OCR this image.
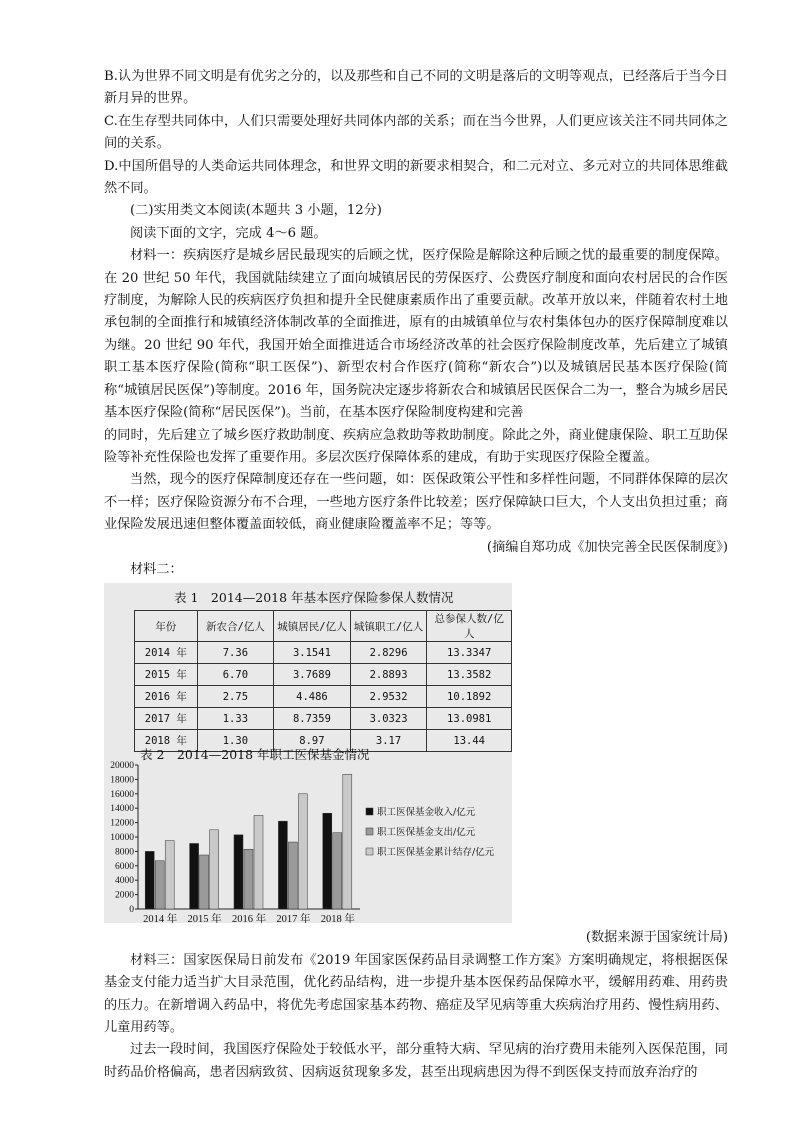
B.认为世界不同文明是有优劣之分的，以及那些和自己不同的文明是落后的文明等观点，已经落后于当今日新月异的世界。

C.在生存型共同体中，人们只需要处理好共同体内部的关系；而在当今世界，人们更应该关注不同共同体之间的关系。

D.中国所倡导的人类命运共同体理念，和世界文明的新要求相契合，和二元对立、多元对立的共同体思维截然不同。

(二)实用类文本阅读(本题共 3 小题，12分)

阅读下面的文字，完成 4～6 题。

材料一：疾病医疗是城乡居民最现实的后顾之忧，医疗保险是解除这种后顾之忧的最重要的制度保障。在 20 世纪 50 年代，我国就陆续建立了面向城镇居民的劳保医疗、公费医疗制度和面向农村居民的合作医疗制度，为解除人民的疾病医疗负担和提升全民健康素质作出了重要贡献。改革开放以来，伴随着农村土地承包制的全面推行和城镇经济体制改革的全面推进，原有的由城镇单位与农村集体包办的医疗保障制度难以为继。20 世纪 90 年代，我国开始全面推进适合市场经济改革的社会医疗保险制度改革，先后建立了城镇职工基本医疗保险(简称“职工医保”)、新型农村合作医疗(简称“新农合”)以及城镇居民基本医疗保险(简称“城镇居民医保”)等制度。2016 年，国务院决定逐步将新农合和城镇居民医保合二为一，整合为城乡居民基本医疗保险(简称“居民医保”)。当前，在基本医疗保险制度构建和完善

的同时，先后建立了城乡医疗救助制度、疾病应急救助等救助制度。除此之外，商业健康保险、职工互助保险等补充性保险也发挥了重要作用。多层次医疗保障体系的建成，有助于实现医疗保险全覆盖。

当然，现今的医疗保障制度还存在一些问题，如：医保政策公平性和多样性问题，不同群体保障的层次不一样；医疗保险资源分布不合理，一些地方医疗条件比较差；医疗保障缺口巨大，个人支出负担过重；商业保险发展迅速但整体覆盖面较低，商业健康险覆盖率不足；等等。

(摘编自郑功成《加快完善全民医保制度》)

材料二：

表 1　2014—2018 年基本医疗保险参保人数情况
年份	新农合/亿人	城镇居民/亿人	城镇职工/亿人	总参保人数/亿人
2014 年	7.36	3.1541	2.8296	13.3347
2015 年	6.70	3.7689	2.8893	13.3582
2016 年	2.75	4.486	2.9532	10.1892
2017 年	1.33	8.7359	3.0323	13.0981
2018 年	1.30	8.97	3.17	13.44
表 2　2014—2018 年职工医保基金情况
0
2000
4000
6000
8000
10000
12000
14000
16000
18000
20000
2014 年 2015 年 2016 年 2017 年 2018 年
职工医保基金收入/亿元
职工医保基金支出/亿元
职工医保基金累计结存/亿元

(数据来源于国家统计局)

材料三：国家医保局日前发布《2019 年国家医保药品目录调整工作方案》方案明确规定，将根据医保基金支付能力适当扩大目录范围，优化药品结构，进一步提升基本医保药品保障水平，缓解用药难、用药贵的压力。在新增调入药品中，将优先考虑国家基本药物、癌症及罕见病等重大疾病治疗用药、慢性病用药、儿童用药等。

过去一段时间，我国医疗保险处于较低水平，部分重特大病、罕见病的治疗费用未能列入医保范围，同时药品价格偏高，患者因病致贫、因病返贫现象多发，甚至出现病患因为得不到医保支持而放弃治疗的
